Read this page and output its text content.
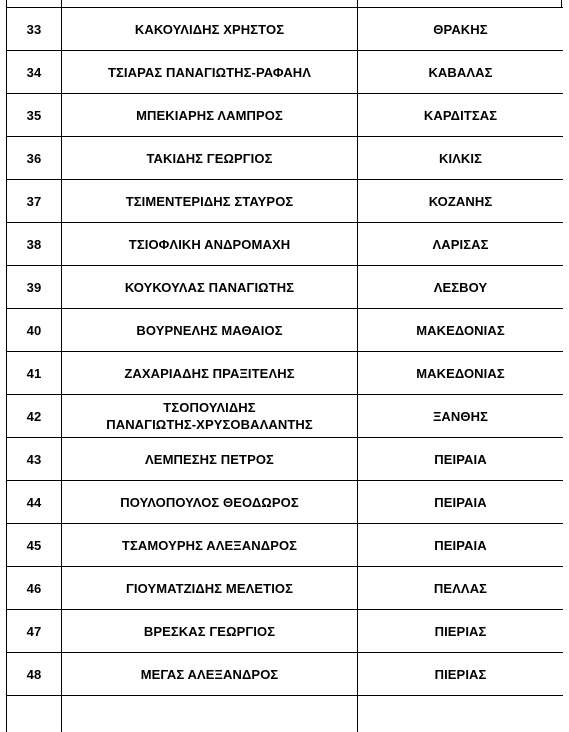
33	ΚΑΚΟΥΛΙΔΗΣ ΧΡΗΣΤΟΣ	ΘΡΑΚΗΣ
34	ΤΣΙΑΡΑΣ ΠΑΝΑΓΙΩΤΗΣ-ΡΑΦΑΗΛ	ΚΑΒΑΛΑΣ
35	ΜΠΕΚΙΑΡΗΣ ΛΑΜΠΡΟΣ	ΚΑΡΔΙΤΣΑΣ
36	ΤΑΚΙΔΗΣ ΓΕΩΡΓΙΟΣ	ΚΙΛΚΙΣ
37	ΤΣΙΜΕΝΤΕΡΙΔΗΣ ΣΤΑΥΡΟΣ	ΚΟΖΑΝΗΣ
38	ΤΣΙΟΦΛΙΚΗ ΑΝΔΡΟΜΑΧΗ	ΛΑΡΙΣΑΣ
39	ΚΟΥΚΟΥΛΑΣ ΠΑΝΑΓΙΩΤΗΣ	ΛΕΣΒΟΥ
40	ΒΟΥΡΝΕΛΗΣ ΜΑΘΑΙΟΣ	ΜΑΚΕΔΟΝΙΑΣ
41	ΖΑΧΑΡΙΑΔΗΣ ΠΡΑΞΙΤΕΛΗΣ	ΜΑΚΕΔΟΝΙΑΣ
42	ΤΣΟΠΟΥΛΙΔΗΣ
ΠΑΝΑΓΙΩΤΗΣ-ΧΡΥΣΟΒΑΛΑΝΤΗΣ	ΞΑΝΘΗΣ
43	ΛΕΜΠΕΣΗΣ ΠΕΤΡΟΣ	ΠΕΙΡΑΙΑ
44	ΠΟΥΛΟΠΟΥΛΟΣ ΘΕΟΔΩΡΟΣ	ΠΕΙΡΑΙΑ
45	ΤΣΑΜΟΥΡΗΣ ΑΛΕΞΑΝΔΡΟΣ	ΠΕΙΡΑΙΑ
46	ΓΙΟΥΜΑΤΖΙΔΗΣ ΜΕΛΕΤΙΟΣ	ΠΕΛΛΑΣ
47	ΒΡΕΣΚΑΣ ΓΕΩΡΓΙΟΣ	ΠΙΕΡΙΑΣ
48	ΜΕΓΑΣ ΑΛΕΞΑΝΔΡΟΣ	ΠΙΕΡΙΑΣ
